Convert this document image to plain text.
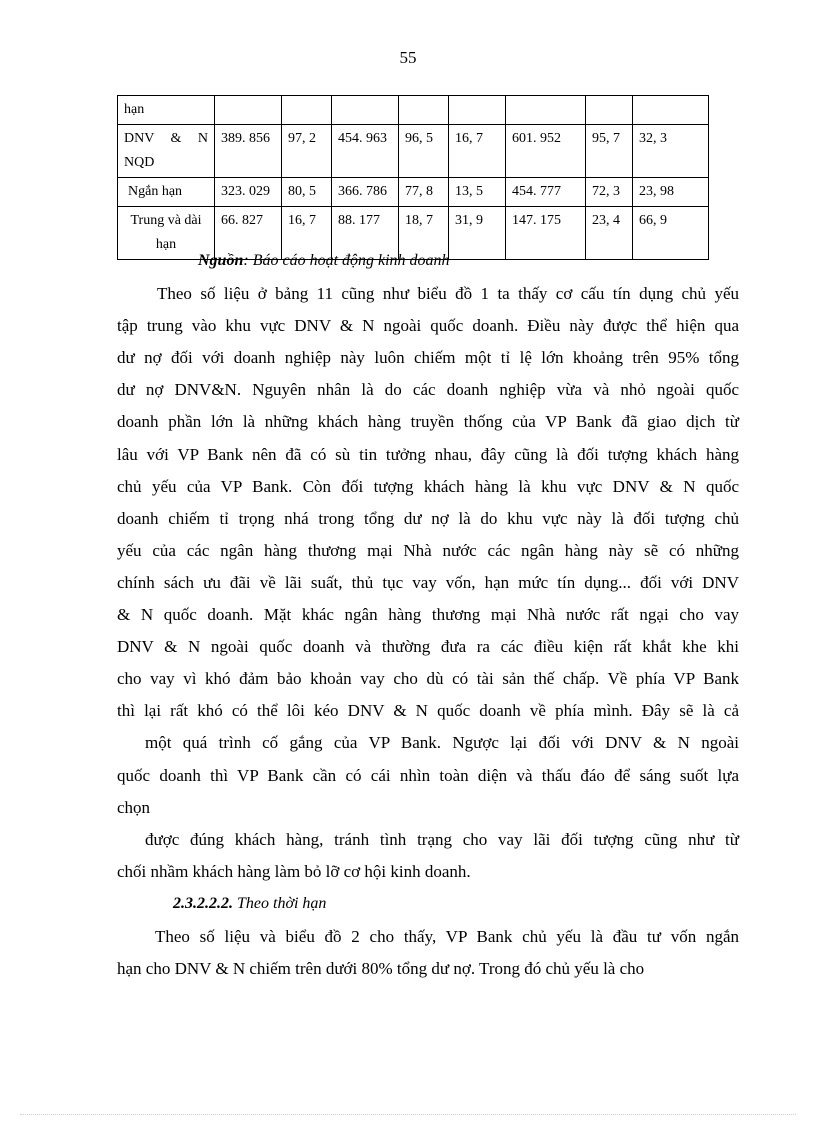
55
hạn								

DNV & N
NQD	389. 856	97, 2	454. 963	96, 5	16, 7	601. 952	95, 7	32, 3
Ngắn hạn	323. 029	80, 5	366. 786	77, 8	13, 5	454. 777	72, 3	23, 98

Trung và dài
hạn	66. 827	16, 7	88. 177	18, 7	31, 9	147. 175	23, 4	66, 9
Nguồn: Báo cáo hoạt động kinh doanh
Theo số liệu ở bảng 11 cũng như biểu đồ 1 ta thấy cơ cấu tín dụng chủ yếu
tập trung vào khu vực DNV & N ngoài quốc doanh. Điều này được thể hiện qua
dư nợ đối với doanh nghiệp này luôn chiếm một tỉ lệ lớn khoảng trên 95% tổng
dư nợ DNV&N. Nguyên nhân là do các doanh nghiệp vừa và nhỏ ngoài quốc
doanh phần lớn là những khách hàng truyền thống của VP Bank đã giao dịch từ
lâu với VP Bank nên đã có sù tin tưởng nhau, đây cũng là đối tượng khách hàng
chủ yếu của VP Bank. Còn đối tượng khách hàng là khu vực DNV & N quốc
doanh chiếm tỉ trọng nhá trong tổng dư nợ là do khu vực này là đối tượng chủ
yếu của các ngân hàng thương mại Nhà nước các ngân hàng này sẽ có những
chính sách ưu đãi về lãi suất, thủ tục vay vốn, hạn mức tín dụng... đối với DNV
& N quốc doanh. Mặt khác ngân hàng thương mại Nhà nước rất ngại cho vay
DNV & N ngoài quốc doanh và thường đưa ra các điều kiện rất khắt khe khi
cho vay vì khó đảm bảo khoản vay cho dù có tài sản thế chấp. Về phía VP Bank
thì lại rất khó có thể lôi kéo DNV & N quốc doanh về phía mình. Đây sẽ là cả
một quá trình cố gắng của VP Bank. Ngược lại đối với DNV & N ngoài
quốc doanh thì VP Bank cần có cái nhìn toàn diện và thấu đáo để sáng suốt lựa
chọn
được đúng khách hàng, tránh tình trạng cho vay lãi đối tượng cũng như từ
chối nhầm khách hàng làm bỏ lỡ cơ hội kinh doanh.
2.3.2.2.2. Theo thời hạn
Theo số liệu và biểu đồ 2 cho thấy, VP Bank chủ yếu là đầu tư vốn ngắn
hạn cho DNV & N chiếm trên dưới 80% tổng dư nợ. Trong đó chủ yếu là cho
